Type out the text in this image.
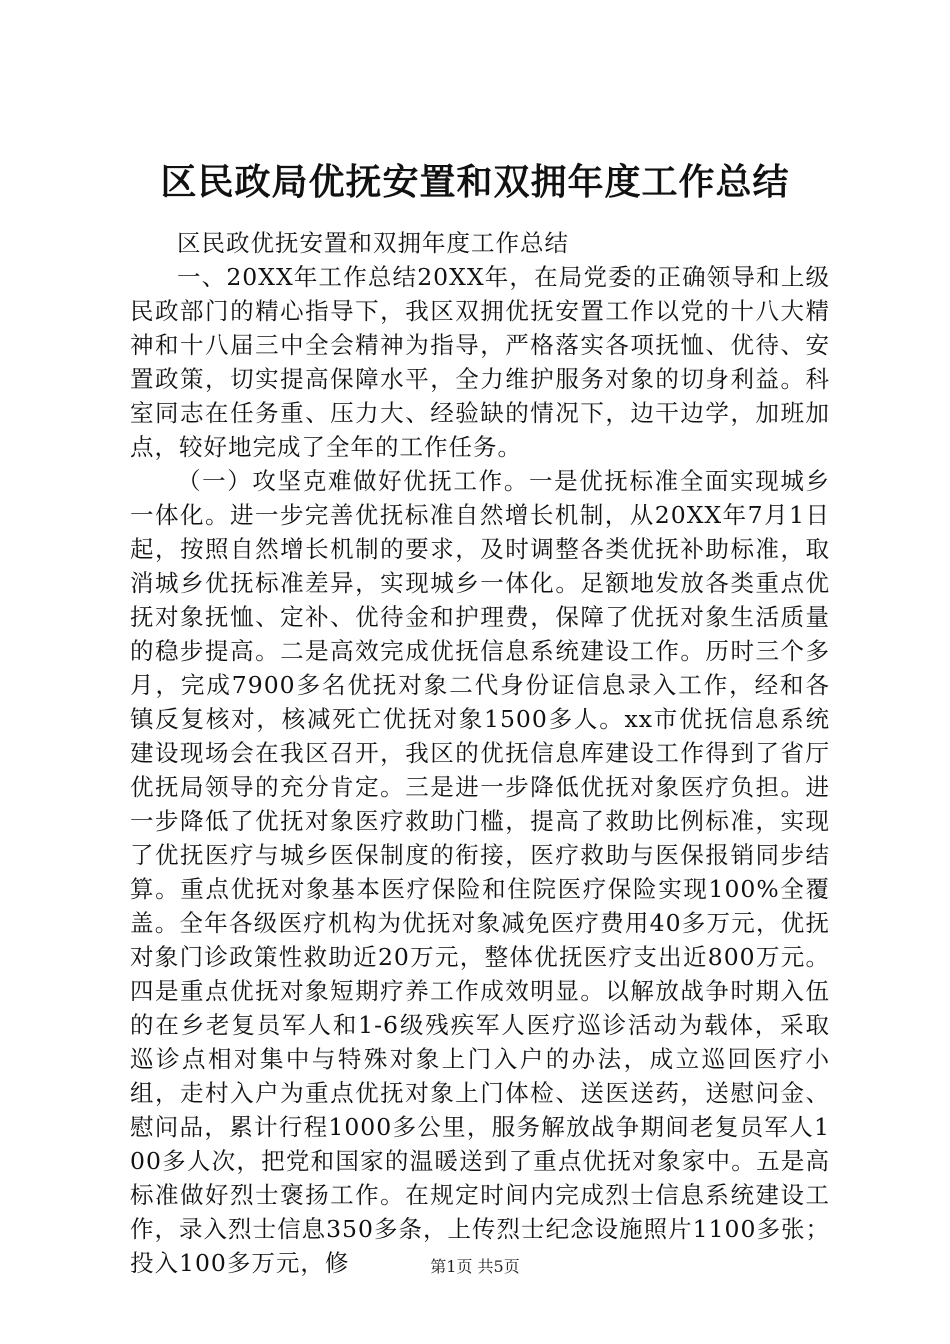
区民政局优抚安置和双拥年度工作总结

区民政优抚安置和双拥年度工作总结

一、20XX年工作总结20XX年，在局党委的正确领导和上级民政部门的精心指导下，我区双拥优抚安置工作以党的十八大精神和十八届三中全会精神为指导，严格落实各项抚恤、优待、安置政策，切实提高保障水平，全力维护服务对象的切身利益。科室同志在任务重、压力大、经验缺的情况下，边干边学，加班加点，较好地完成了全年的工作任务。

（一）攻坚克难做好优抚工作。一是优抚标准全面实现城乡一体化。进一步完善优抚标准自然增长机制，从20XX年7月1日起，按照自然增长机制的要求，及时调整各类优抚补助标准，取消城乡优抚标准差异，实现城乡一体化。足额地发放各类重点优抚对象抚恤、定补、优待金和护理费，保障了优抚对象生活质量的稳步提高。二是高效完成优抚信息系统建设工作。历时三个多月，完成7900多名优抚对象二代身份证信息录入工作，经和各镇反复核对，核减死亡优抚对象1500多人。xx市优抚信息系统建设现场会在我区召开，我区的优抚信息库建设工作得到了省厅优抚局领导的充分肯定。三是进一步降低优抚对象医疗负担。进一步降低了优抚对象医疗救助门槛，提高了救助比例标准，实现了优抚医疗与城乡医保制度的衔接，医疗救助与医保报销同步结算。重点优抚对象基本医疗保险和住院医疗保险实现100%全覆盖。全年各级医疗机构为优抚对象减免医疗费用40多万元，优抚对象门诊政策性救助近20万元，整体优抚医疗支出近800万元。四是重点优抚对象短期疗养工作成效明显。以解放战争时期入伍的在乡老复员军人和1-6级残疾军人医疗巡诊活动为载体，采取巡诊点相对集中与特殊对象上门入户的办法，成立巡回医疗小组，走村入户为重点优抚对象上门体检、送医送药，送慰问金、慰问品，累计行程1000多公里，服务解放战争期间老复员军人100多人次，把党和国家的温暖送到了重点优抚对象家中。五是高标准做好烈士褒扬工作。在规定时间内完成烈士信息系统建设工作，录入烈士信息350多条，上传烈士纪念设施照片1100多张；投入100多万元，修	第1页 共5页
